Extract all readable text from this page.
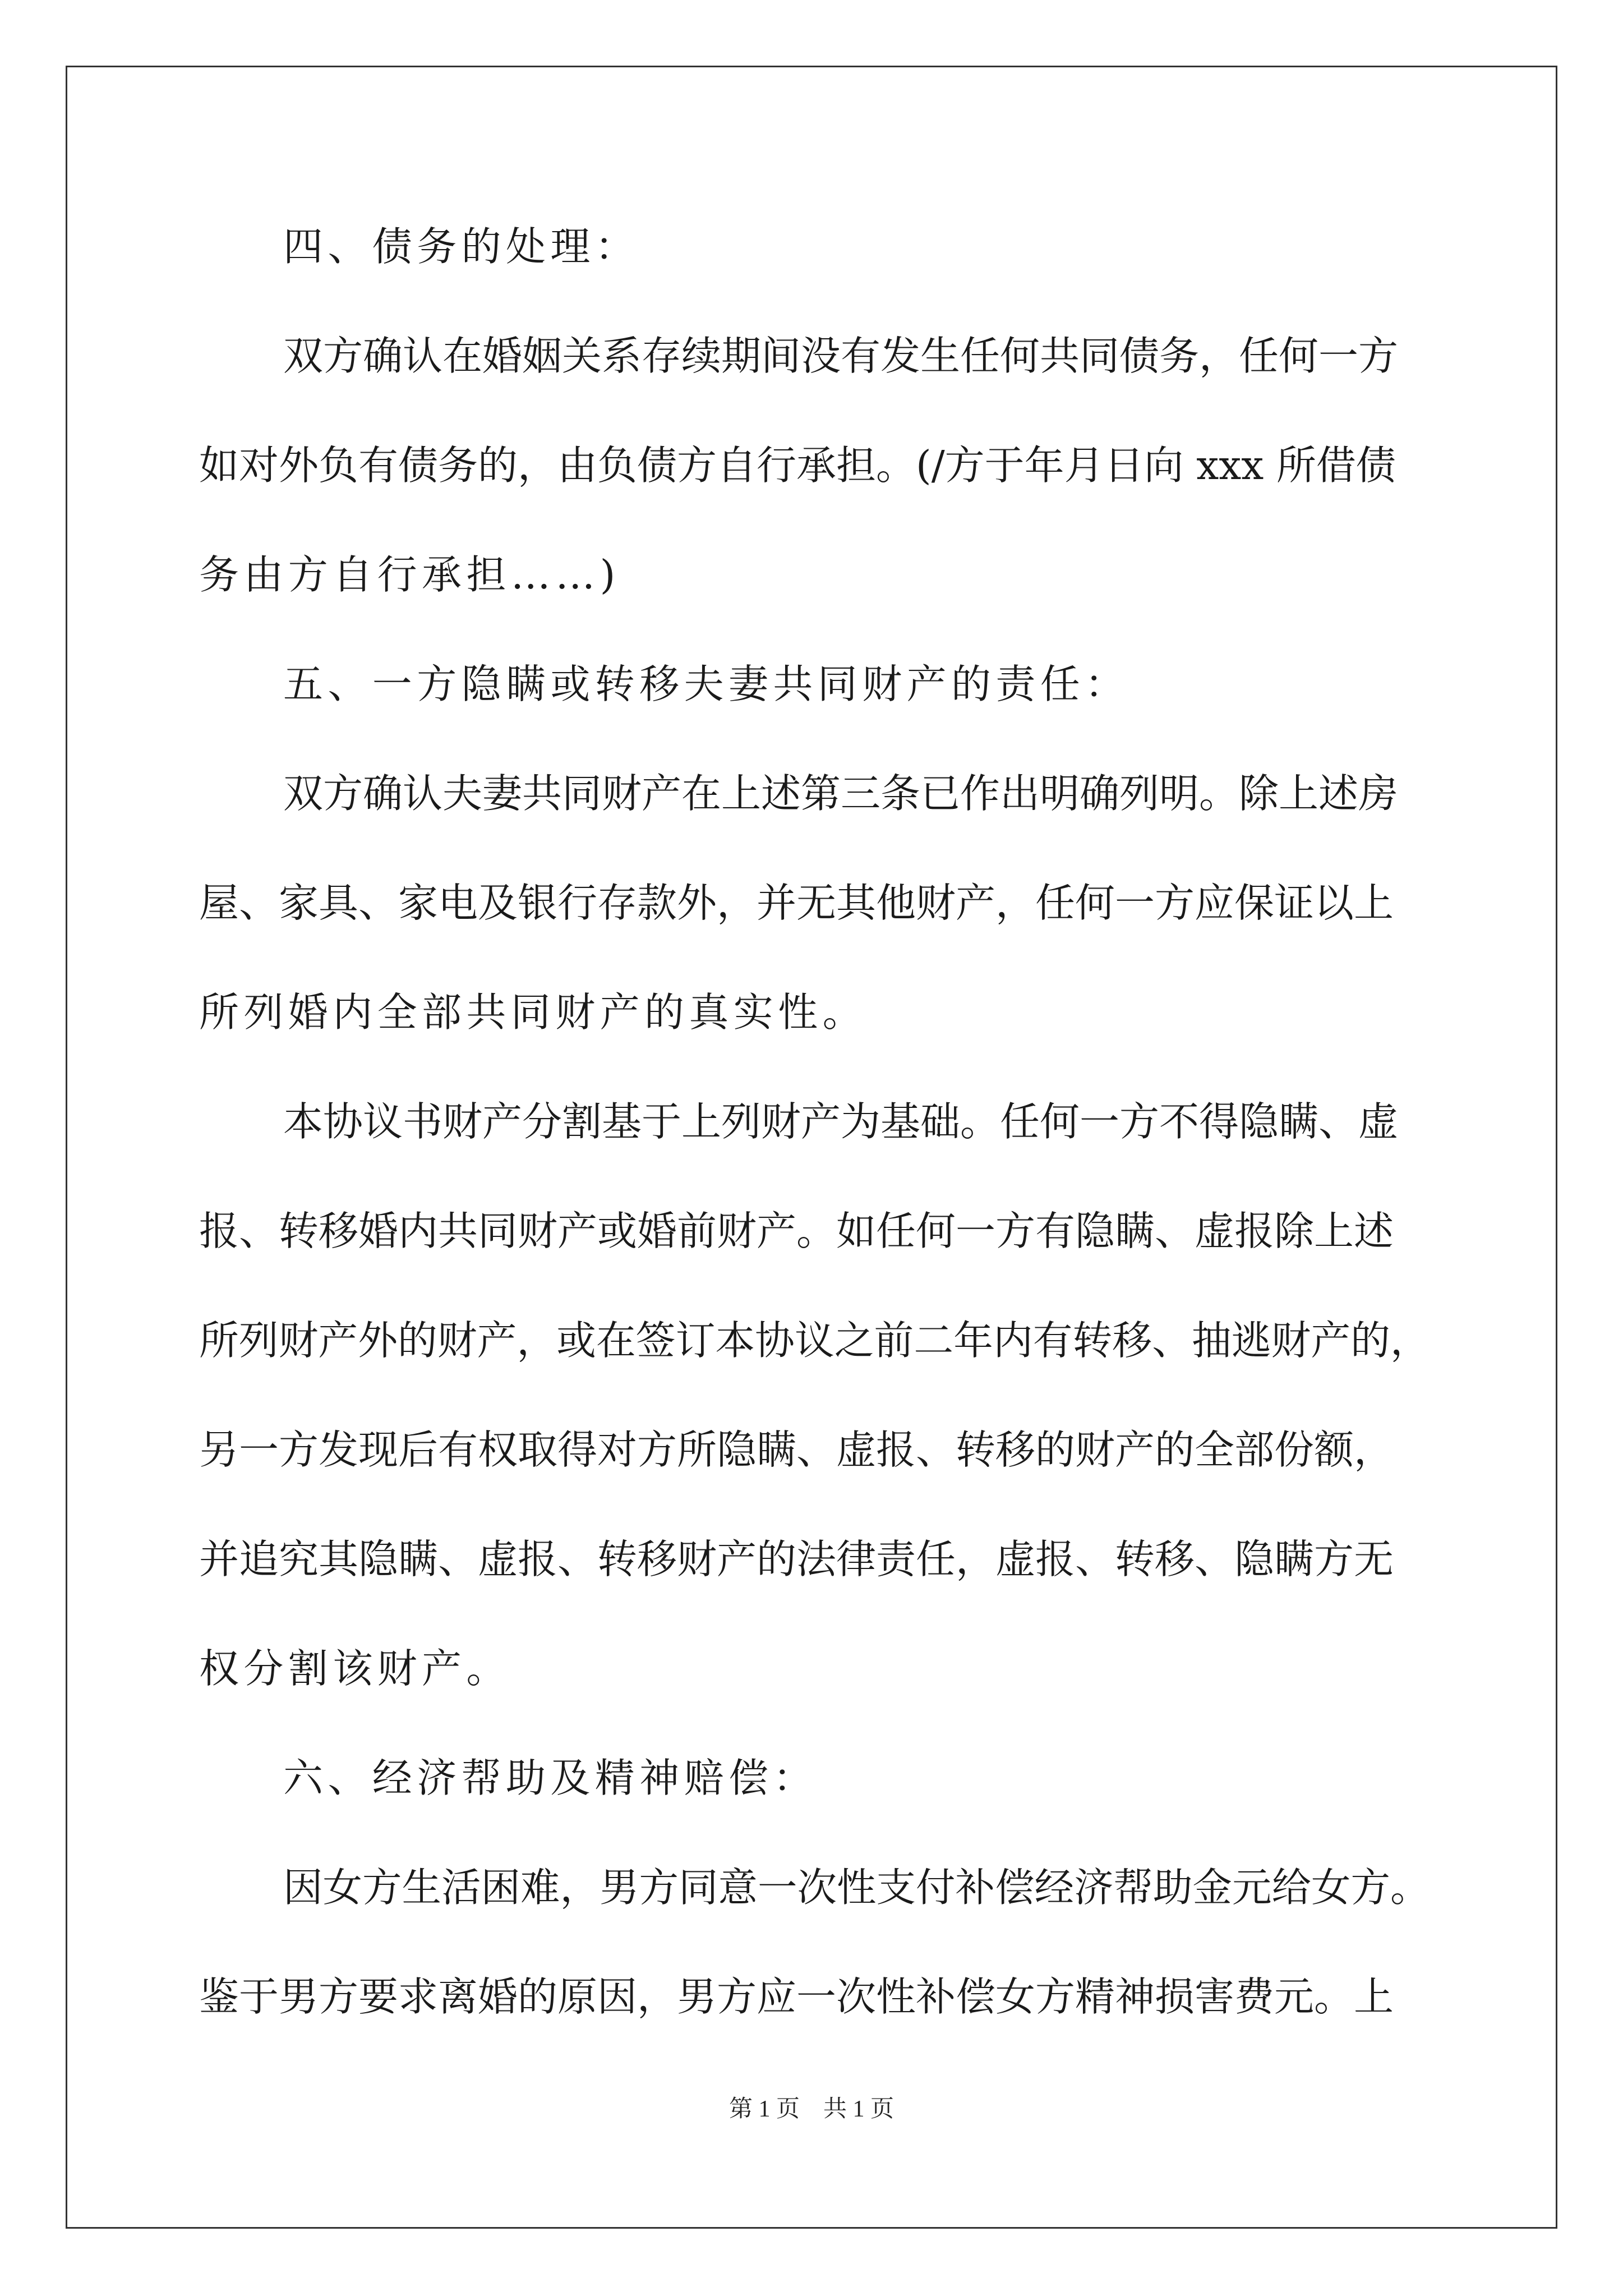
四、债务的处理：
双方确认在婚姻关系存续期间没有发生任何共同债务，任何一方
如对外负有债务的，由负债方自行承担。(/方于年月日向 xxx 所借债
务由方自行承担……)
五、一方隐瞒或转移夫妻共同财产的责任：
双方确认夫妻共同财产在上述第三条已作出明确列明。除上述房
屋、家具、家电及银行存款外，并无其他财产，任何一方应保证以上
所列婚内全部共同财产的真实性。
本协议书财产分割基于上列财产为基础。任何一方不得隐瞒、虚
报、转移婚内共同财产或婚前财产。如任何一方有隐瞒、虚报除上述
所列财产外的财产，或在签订本协议之前二年内有转移、抽逃财产的，
另一方发现后有权取得对方所隐瞒、虚报、转移的财产的全部份额，
并追究其隐瞒、虚报、转移财产的法律责任，虚报、转移、隐瞒方无
权分割该财产。
六、经济帮助及精神赔偿：
因女方生活困难，男方同意一次性支付补偿经济帮助金元给女方。
鉴于男方要求离婚的原因，男方应一次性补偿女方精神损害费元。上
第 1 页　共 1 页
